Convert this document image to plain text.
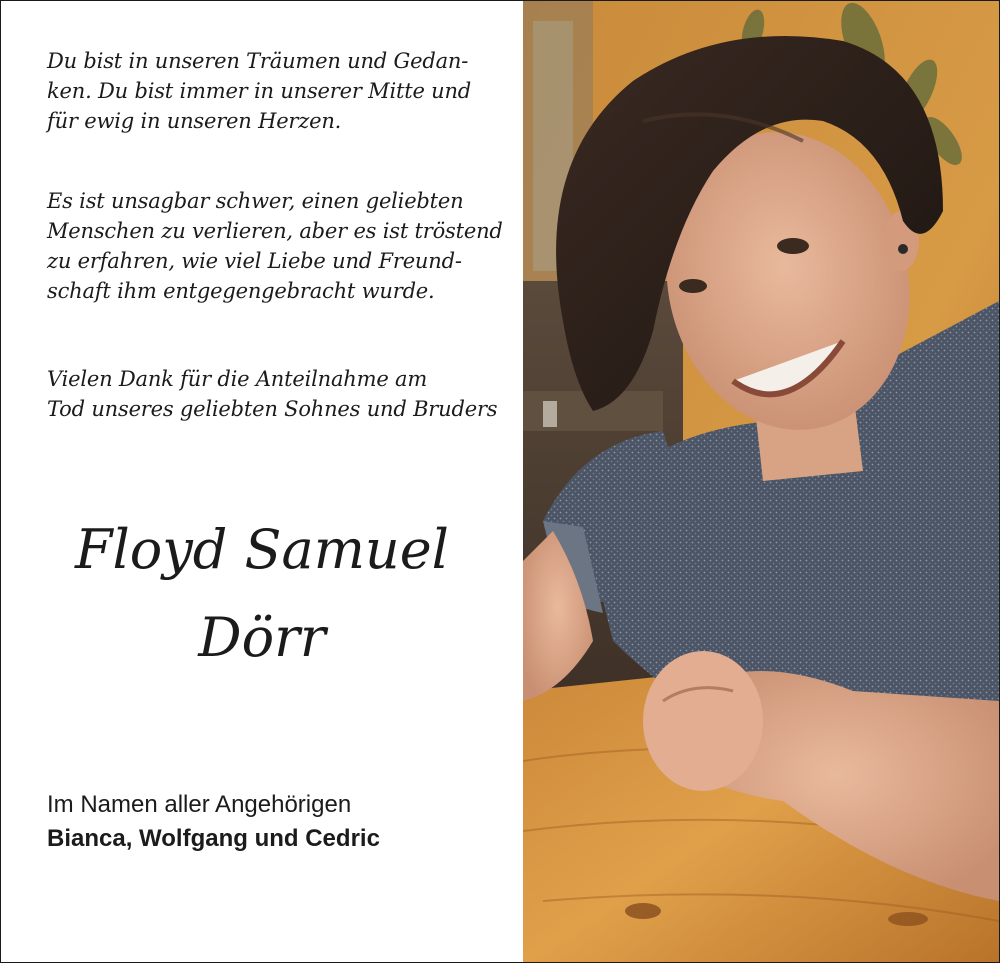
Du bist in unseren Träumen und Gedan-
ken. Du bist immer in unserer Mitte und
für ewig in unseren Herzen.
Es ist unsagbar schwer, einen geliebten
Menschen zu verlieren, aber es ist tröstend
zu erfahren, wie viel Liebe und Freund-
schaft ihm entgegengebracht wurde.
Vielen Dank für die Anteilnahme am
Tod unseres geliebten Sohnes und Bruders
Floyd Samuel
Dörr
Im Namen aller Angehörigen
Bianca, Wolfgang und Cedric
